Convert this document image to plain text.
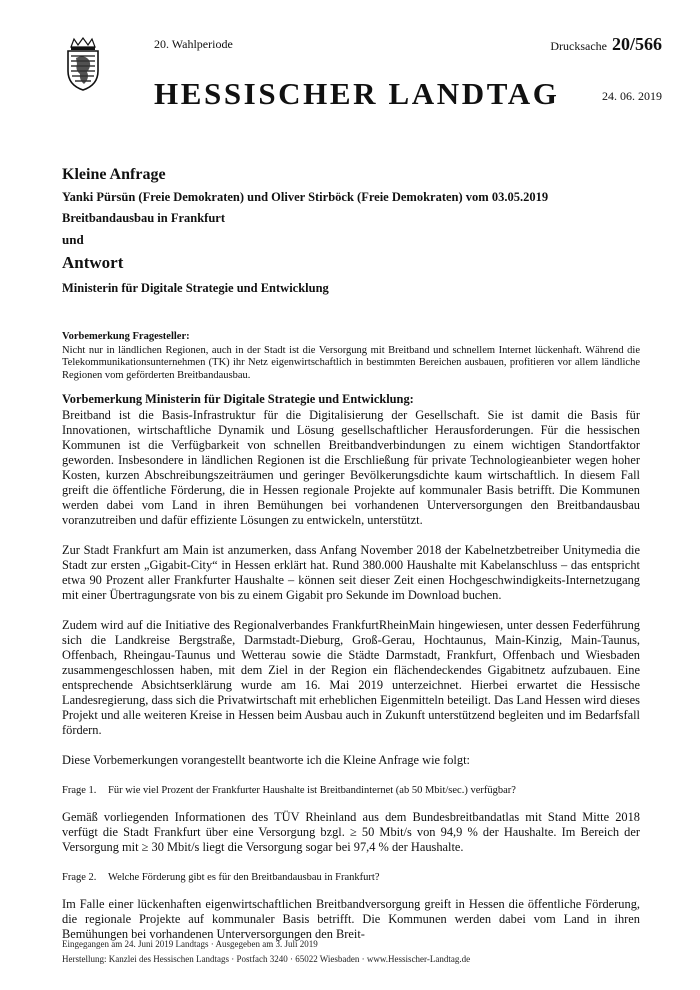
20. Wahlperiode	Drucksache 20/566
HESSISCHER LANDTAG	24. 06. 2019
Kleine Anfrage
Yanki Pürsün (Freie Demokraten) und Oliver Stirböck (Freie Demokraten) vom 03.05.2019
Breitbandausbau in Frankfurt
und
Antwort
Ministerin für Digitale Strategie und Entwicklung
Vorbemerkung Fragesteller:
Nicht nur in ländlichen Regionen, auch in der Stadt ist die Versorgung mit Breitband und schnellem Internet lückenhaft. Während die Telekommunikationsunternehmen (TK) ihr Netz eigenwirtschaftlich in bestimmten Bereichen ausbauen, profitieren vor allem ländliche Regionen vom geförderten Breitbandausbau.
Vorbemerkung Ministerin für Digitale Strategie und Entwicklung:
Breitband ist die Basis-Infrastruktur für die Digitalisierung der Gesellschaft. Sie ist damit die Basis für Innovationen, wirtschaftliche Dynamik und Lösung gesellschaftlicher Herausforderungen. Für die hessischen Kommunen ist die Verfügbarkeit von schnellen Breitbandverbindungen zu einem wichtigen Standortfaktor geworden. Insbesondere in ländlichen Regionen ist die Erschließung für private Technologieanbieter wegen hoher Kosten, kurzen Abschreibungszeiträumen und geringer Bevölkerungsdichte kaum wirtschaftlich. In diesem Fall greift die öffentliche Förderung, die in Hessen regionale Projekte auf kommunaler Basis betrifft. Die Kommunen werden dabei vom Land in ihren Bemühungen bei vorhandenen Unterversorgungen den Breitbandausbau voranzutreiben und dafür effiziente Lösungen zu entwickeln, unterstützt.
Zur Stadt Frankfurt am Main ist anzumerken, dass Anfang November 2018 der Kabelnetzbetreiber Unitymedia die Stadt zur ersten „Gigabit-City“ in Hessen erklärt hat. Rund 380.000 Haushalte mit Kabelanschluss – das entspricht etwa 90 Prozent aller Frankfurter Haushalte – können seit dieser Zeit einen Hochgeschwindigkeits-Internetzugang mit einer Übertragungsrate von bis zu einem Gigabit pro Sekunde im Download buchen.
Zudem wird auf die Initiative des Regionalverbandes FrankfurtRheinMain hingewiesen, unter dessen Federführung sich die Landkreise Bergstraße, Darmstadt-Dieburg, Groß-Gerau, Hochtaunus, Main-Kinzig, Main-Taunus, Offenbach, Rheingau-Taunus und Wetterau sowie die Städte Darmstadt, Frankfurt, Offenbach und Wiesbaden zusammengeschlossen haben, mit dem Ziel in der Region ein flächendeckendes Gigabitnetz aufzubauen. Eine entsprechende Absichtserklärung wurde am 16. Mai 2019 unterzeichnet. Hierbei erwartet die Hessische Landesregierung, dass sich die Privatwirtschaft mit erheblichen Eigenmitteln beteiligt. Das Land Hessen wird dieses Projekt und alle weiteren Kreise in Hessen beim Ausbau auch in Zukunft unterstützend begleiten und im Bedarfsfall fördern.
Diese Vorbemerkungen vorangestellt beantworte ich die Kleine Anfrage wie folgt:
Frage 1.	Für wie viel Prozent der Frankfurter Haushalte ist Breitbandinternet (ab 50 Mbit/sec.) verfügbar?
Gemäß vorliegenden Informationen des TÜV Rheinland aus dem Bundesbreitbandatlas mit Stand Mitte 2018 verfügt die Stadt Frankfurt über eine Versorgung bzgl. ≥ 50 Mbit/s von 94,9 % der Haushalte. Im Bereich der Versorgung mit ≥ 30 Mbit/s liegt die Versorgung sogar bei 97,4 % der Haushalte.
Frage 2.	Welche Förderung gibt es für den Breitbandausbau in Frankfurt?
Im Falle einer lückenhaften eigenwirtschaftlichen Breitbandversorgung greift in Hessen die öffentliche Förderung, die regionale Projekte auf kommunaler Basis betrifft. Die Kommunen werden dabei vom Land in ihren Bemühungen bei vorhandenen Unterversorgungen den Breit-
Eingegangen am 24. Juni 2019 Landtags · Ausgegeben am 3. Juli 2019
Herstellung: Kanzlei des Hessischen Landtags · Postfach 3240 · 65022 Wiesbaden · www.Hessischer-Landtag.de
